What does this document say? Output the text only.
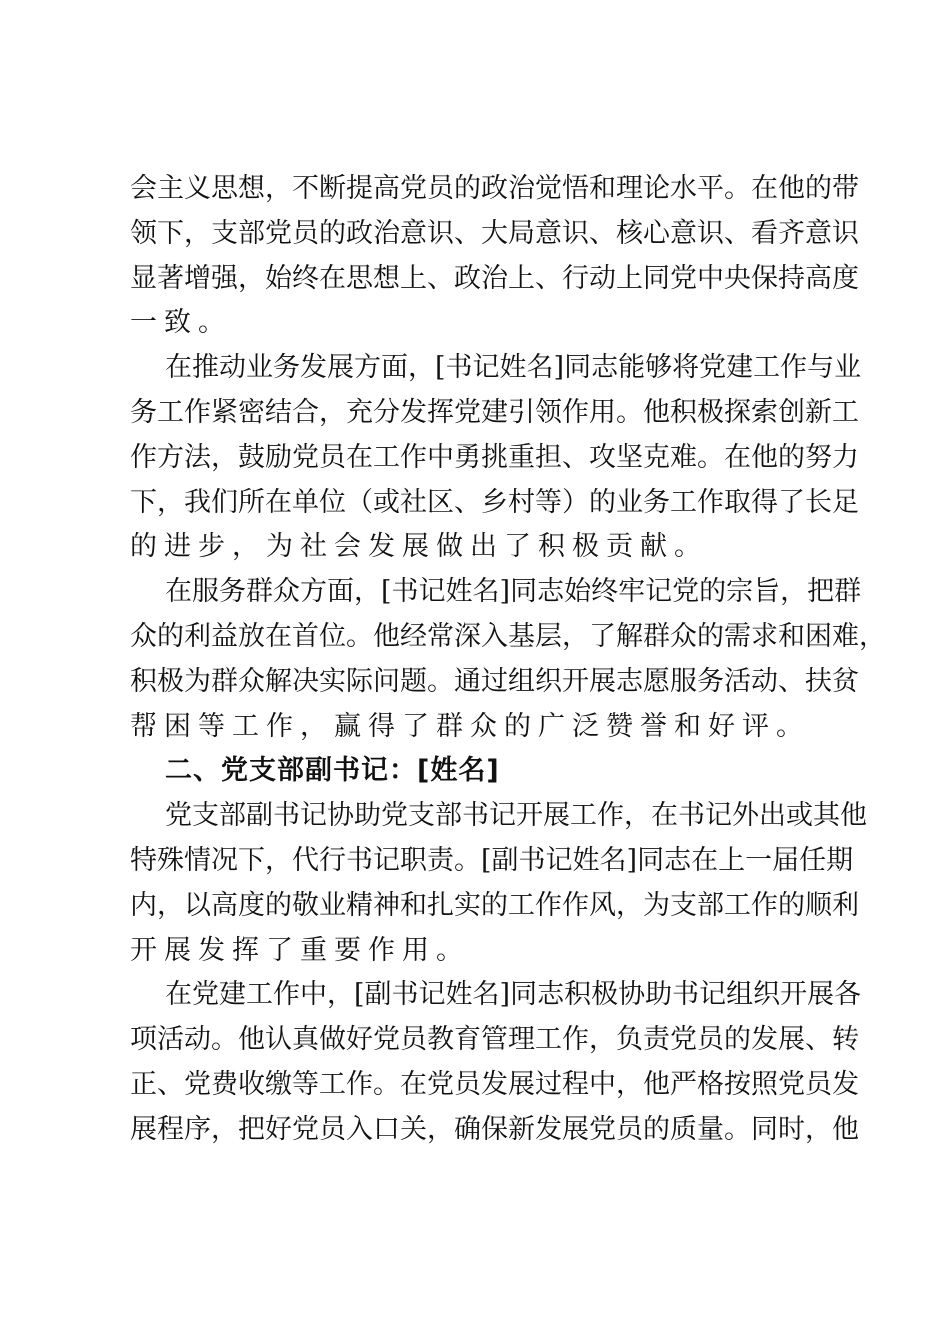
会主义思想，不断提高党员的政治觉悟和理论水平。在他的带
领下，支部党员的政治意识、大局意识、核心意识、看齐意识
显著增强，始终在思想上、政治上、行动上同党中央保持高度
一致。
在推动业务发展方面，[书记姓名]同志能够将党建工作与业
务工作紧密结合，充分发挥党建引领作用。他积极探索创新工
作方法，鼓励党员在工作中勇挑重担、攻坚克难。在他的努力
下，我们所在单位（或社区、乡村等）的业务工作取得了长足
的进步，为社会发展做出了积极贡献。
在服务群众方面，[书记姓名]同志始终牢记党的宗旨，把群
众的利益放在首位。他经常深入基层，了解群众的需求和困难，
积极为群众解决实际问题。通过组织开展志愿服务活动、扶贫
帮困等工作，赢得了群众的广泛赞誉和好评。
二、党支部副书记：[姓名]
党支部副书记协助党支部书记开展工作，在书记外出或其他
特殊情况下，代行书记职责。[副书记姓名]同志在上一届任期
内，以高度的敬业精神和扎实的工作作风，为支部工作的顺利
开展发挥了重要作用。
在党建工作中，[副书记姓名]同志积极协助书记组织开展各
项活动。他认真做好党员教育管理工作，负责党员的发展、转
正、党费收缴等工作。在党员发展过程中，他严格按照党员发
展程序，把好党员入口关，确保新发展党员的质量。同时，他
